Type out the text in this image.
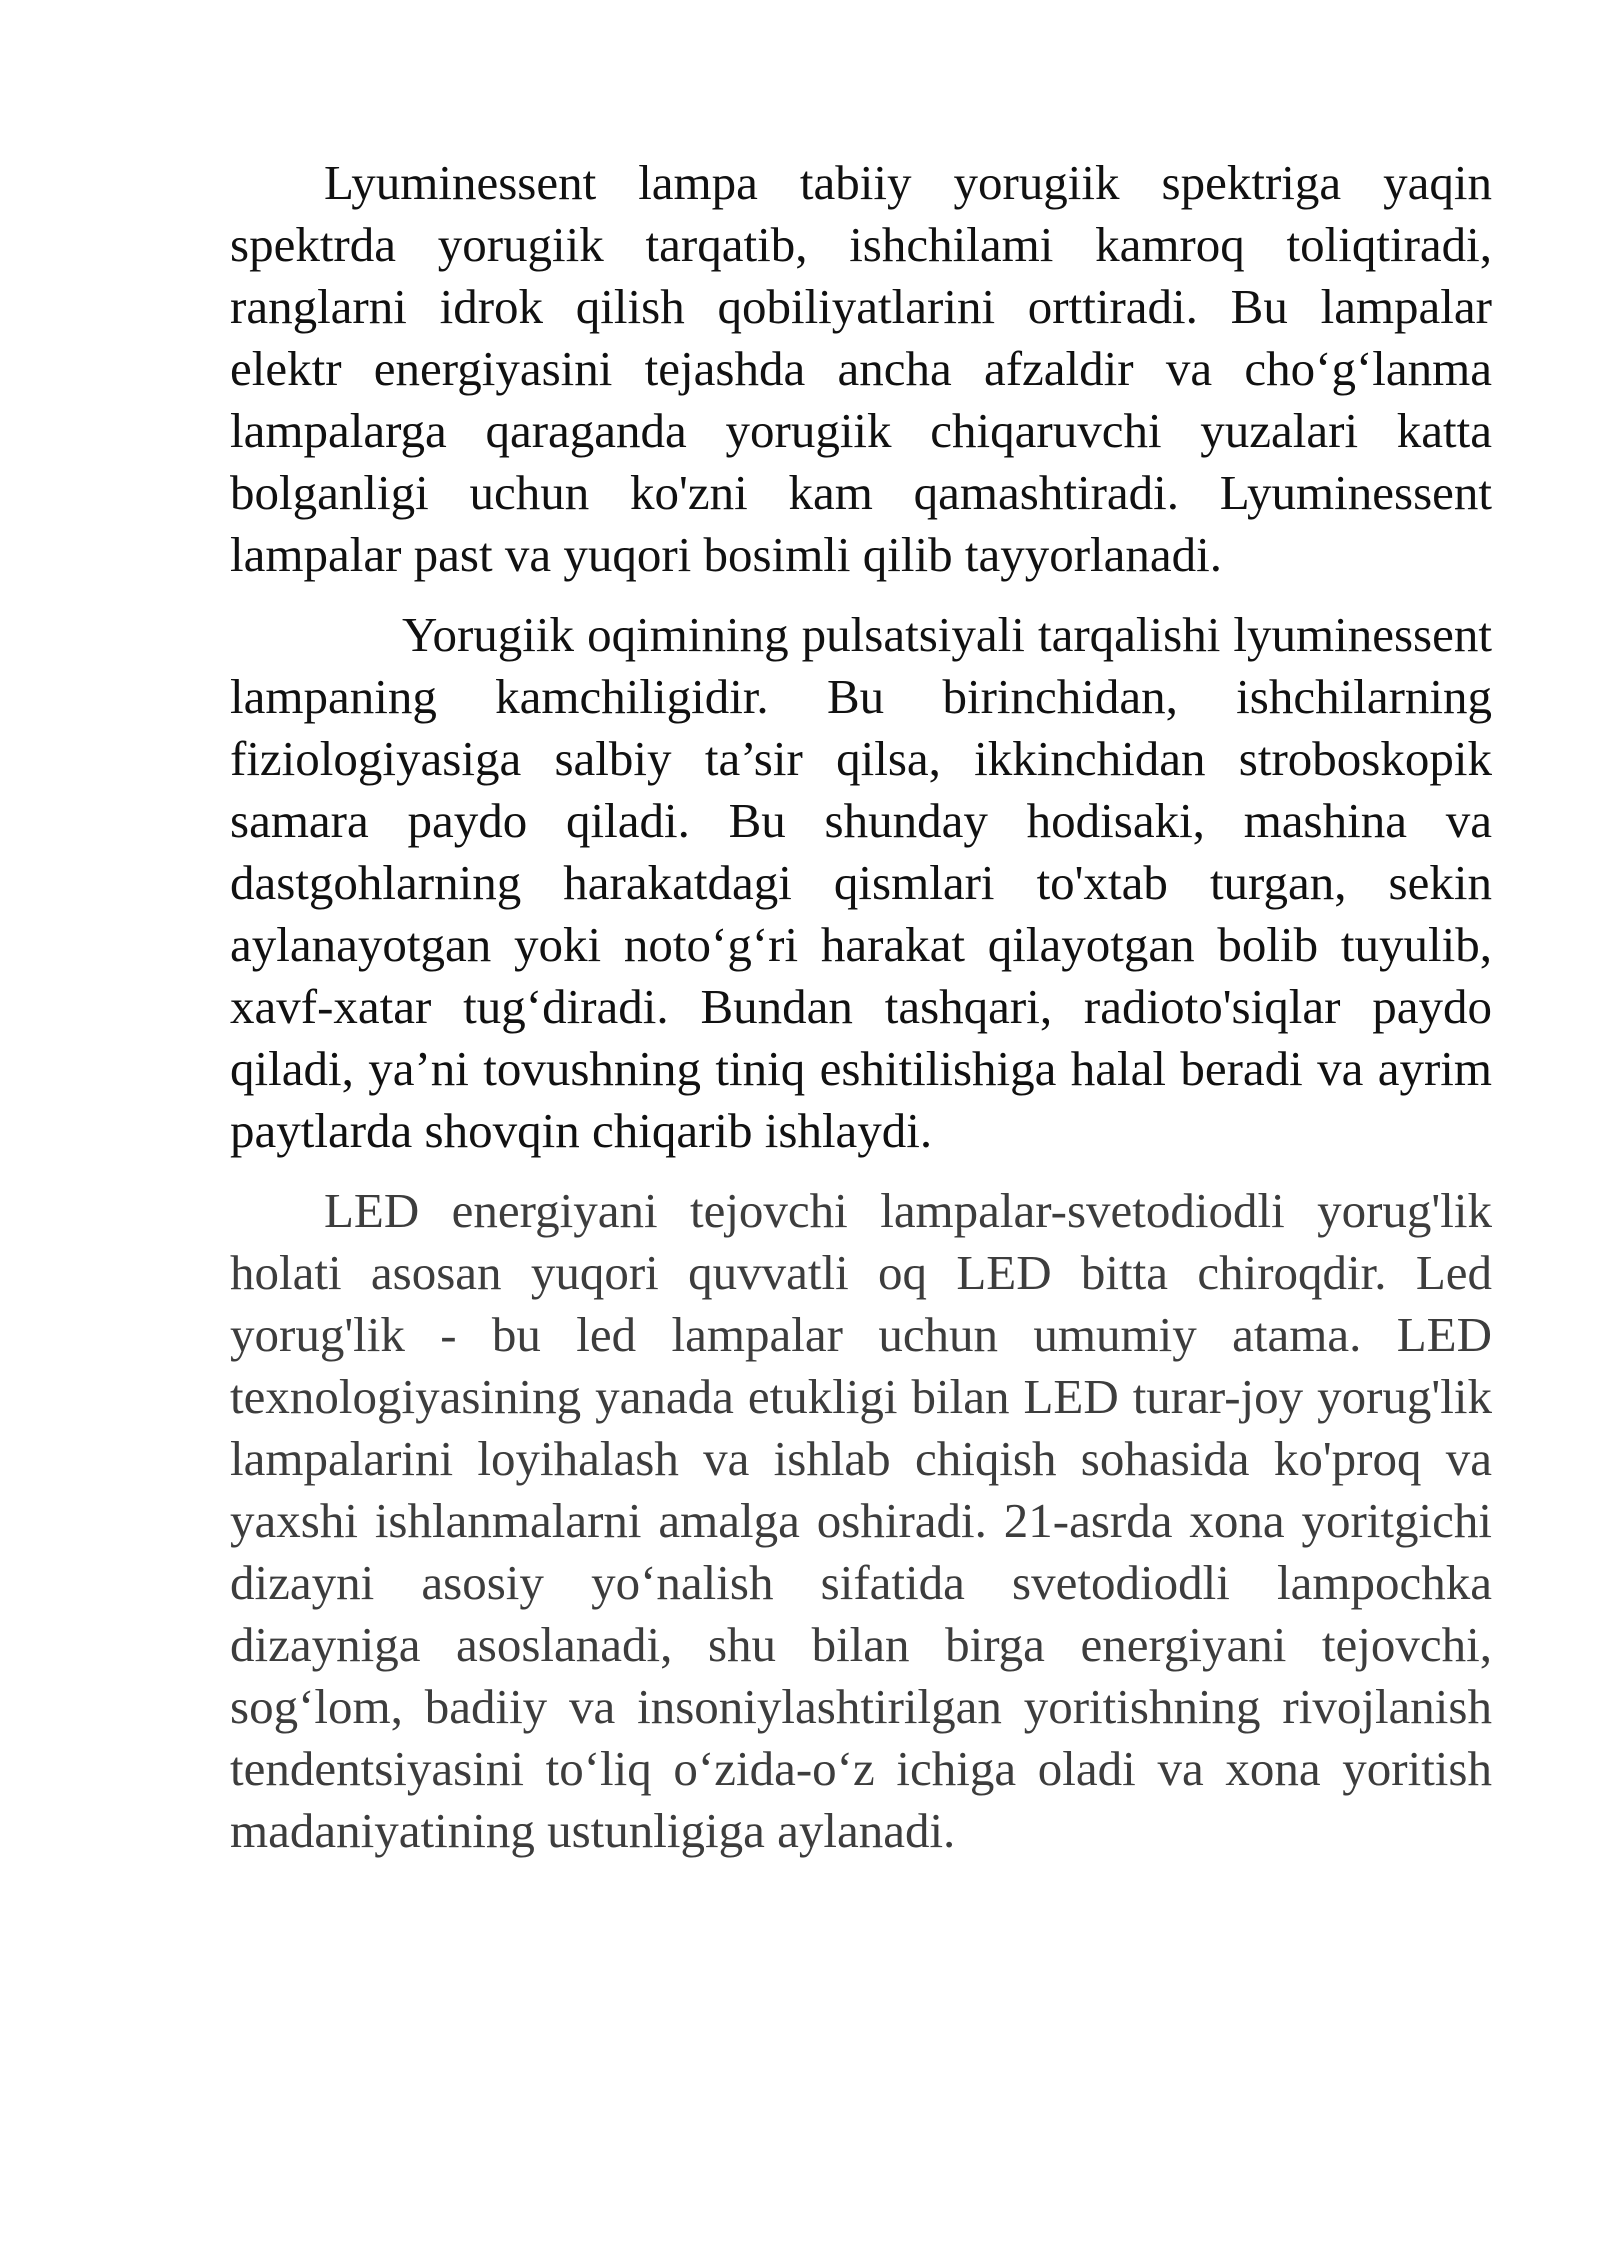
Lyuminessent lampa tabiiy yorugiik spektriga yaqin spektrda yorugiik tarqatib, ishchilami kamroq toliqtiradi, ranglarni idrok qilish qobiliyatlarini orttiradi. Bu lampalar elektr energiyasini tejashda ancha afzaldir va cho‘g‘lanma lampalarga qaraganda yorugiik chiqaruvchi yuzalari katta bolganligi uchun ko'zni kam qamashtiradi. Lyuminessent lampalar past va yuqori bosimli qilib tayyorlanadi.

Yorugiik oqimining pulsatsiyali tarqalishi lyuminessent lampaning kamchiligidir. Bu birinchidan, ishchilarning fiziologiyasiga salbiy ta’sir qilsa, ikkinchidan stroboskopik samara paydo qiladi. Bu shunday hodisaki, mashina va dastgohlarning harakatdagi qismlari to'xtab turgan, sekin aylanayotgan yoki noto‘g‘ri harakat qilayotgan bolib tuyulib, xavf-xatar tug‘diradi. Bundan tashqari, radioto'siqlar paydo qiladi, ya’ni tovushning tiniq eshitilishiga halal beradi va ayrim paytlarda shovqin chiqarib ishlaydi.

LED energiyani tejovchi lampalar-svetodiodli yorug'lik holati asosan yuqori quvvatli oq LED bitta chiroqdir. Led yorug'lik - bu led lampalar uchun umumiy atama. LED texnologiyasining yanada etukligi bilan LED turar-joy yorug'lik lampalarini loyihalash va ishlab chiqish sohasida ko'proq va yaxshi ishlanmalarni amalga oshiradi. 21-asrda xona yoritgichi dizayni asosiy yo‘nalish sifatida svetodiodli lampochka dizayniga asoslanadi, shu bilan birga energiyani tejovchi, sog‘lom, badiiy va insoniylashtirilgan yoritishning rivojlanish tendentsiyasini to‘liq o‘zida-o‘z ichiga oladi va xona yoritish madaniyatining ustunligiga aylanadi.
